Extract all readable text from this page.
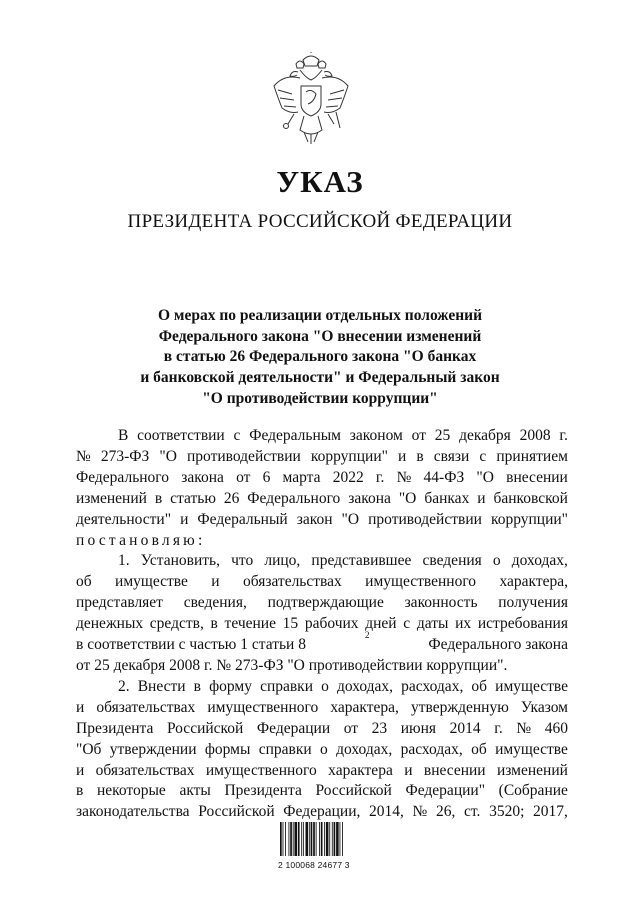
УКАЗ
ПРЕЗИДЕНТА РОССИЙСКОЙ ФЕДЕРАЦИИ
О мерах по реализации отдельных положений
Федерального закона "О внесении изменений
в статью 26 Федерального закона "О банках
и банковской деятельности" и Федеральный закон
"О противодействии коррупции"
В соответствии с Федеральным законом от 25 декабря 2008 г.
№ 273-ФЗ "О противодействии коррупции" и в связи с принятием
Федерального закона от 6 марта 2022 г. № 44-ФЗ "О внесении
изменений в статью 26 Федерального закона "О банках и банковской
деятельности" и Федеральный закон "О противодействии коррупции"
постановляю:
1. Установить, что лицо, представившее сведения о доходах,
об имуществе и обязательствах имущественного характера,
представляет сведения, подтверждающие законность получения
денежных средств, в течение 15 рабочих дней с даты их истребования
в соответствии с частью 1 статьи 8
2
Федерального закона
от 25 декабря 2008 г. № 273-ФЗ "О противодействии коррупции".
2. Внести в форму справки о доходах, расходах, об имуществе
и обязательствах имущественного характера, утвержденную Указом
Президента Российской Федерации от 23 июня 2014 г. № 460
"Об утверждении формы справки о доходах, расходах, об имуществе
и обязательствах имущественного характера и внесении изменений
в некоторые акты Президента Российской Федерации" (Собрание
законодательства Российской Федерации, 2014, № 26, ст. 3520; 2017,
2 100068 24677 3
